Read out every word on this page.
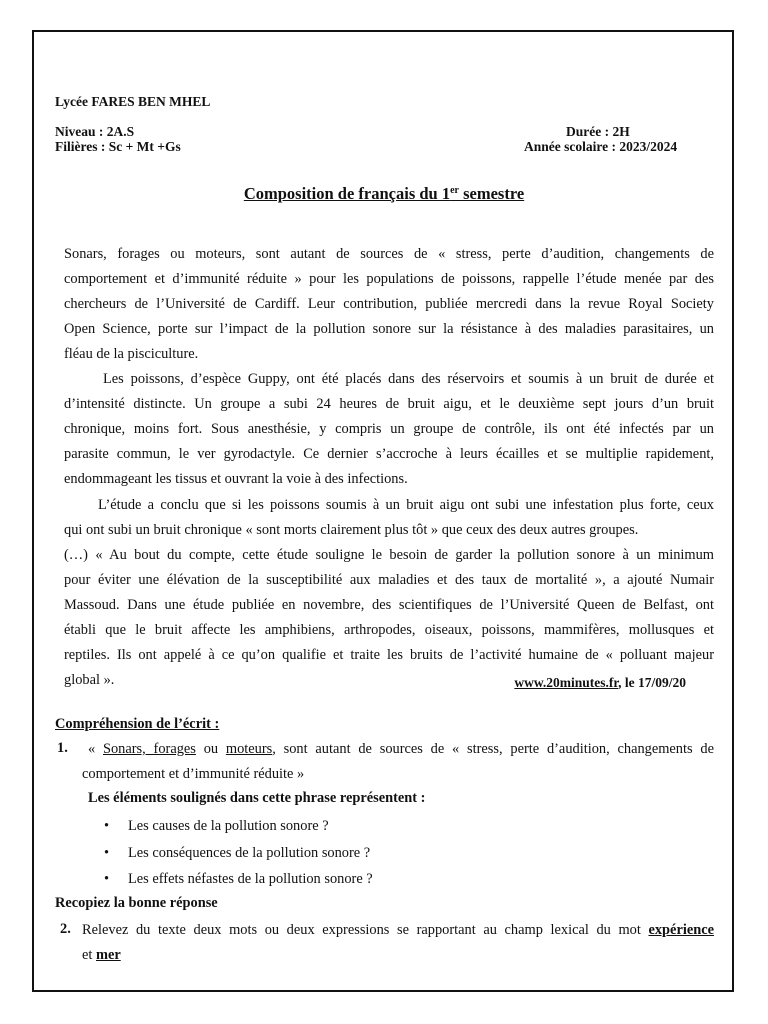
Lycée FARES BEN MHEL
Niveau : 2A.S
Filières : Sc + Mt +Gs
Durée : 2H
Année scolaire : 2023/2024
Composition de français du 1er semestre
Sonars, forages ou moteurs, sont autant de sources de « stress, perte d’audition, changements de
comportement et d’immunité réduite » pour les populations de poissons, rappelle l’étude menée par des
chercheurs de l’Université de Cardiff. Leur contribution, publiée mercredi dans la revue Royal Society
Open Science, porte sur l’impact de la pollution sonore sur la résistance à des maladies parasitaires, un
fléau de la pisciculture.
Les poissons, d’espèce Guppy, ont été placés dans des réservoirs et soumis à un bruit de durée et
d’intensité distincte. Un groupe a subi 24 heures de bruit aigu, et le deuxième sept jours d’un bruit
chronique, moins fort. Sous anesthésie, y compris un groupe de contrôle, ils ont été infectés par un
parasite commun, le ver gyrodactyle. Ce dernier s’accroche à leurs écailles et se multiplie rapidement,
endommageant les tissus et ouvrant la voie à des infections.
L’étude a conclu que si les poissons soumis à un bruit aigu ont subi une infestation plus forte, ceux
qui ont subi un bruit chronique « sont morts clairement plus tôt » que ceux des deux autres groupes.
(…) « Au bout du compte, cette étude souligne le besoin de garder la pollution sonore à un minimum
pour éviter une élévation de la susceptibilité aux maladies et des taux de mortalité », a ajouté Numair
Massoud. Dans une étude publiée en novembre, des scientifiques de l’Université Queen de Belfast, ont
établi que le bruit affecte les amphibiens, arthropodes, oiseaux, poissons, mammifères, mollusques et
reptiles. Ils ont appelé à ce qu’on qualifie et traite les bruits de l’activité humaine de « polluant majeur
global ».	www.20minutes.fr, le 17/09/20
Compréhension de l’écrit :
1.	« Sonars, forages ou moteurs, sont autant de sources de « stress, perte d’audition, changements de
comportement et d’immunité réduite »
Les éléments soulignés dans cette phrase représentent :
• Les causes de la pollution sonore ?
• Les conséquences de la pollution sonore ?
• Les effets néfastes de la pollution sonore ?
Recopiez la bonne réponse
2. Relevez du texte deux mots ou deux expressions se rapportant au champ lexical du mot expérience
et mer
